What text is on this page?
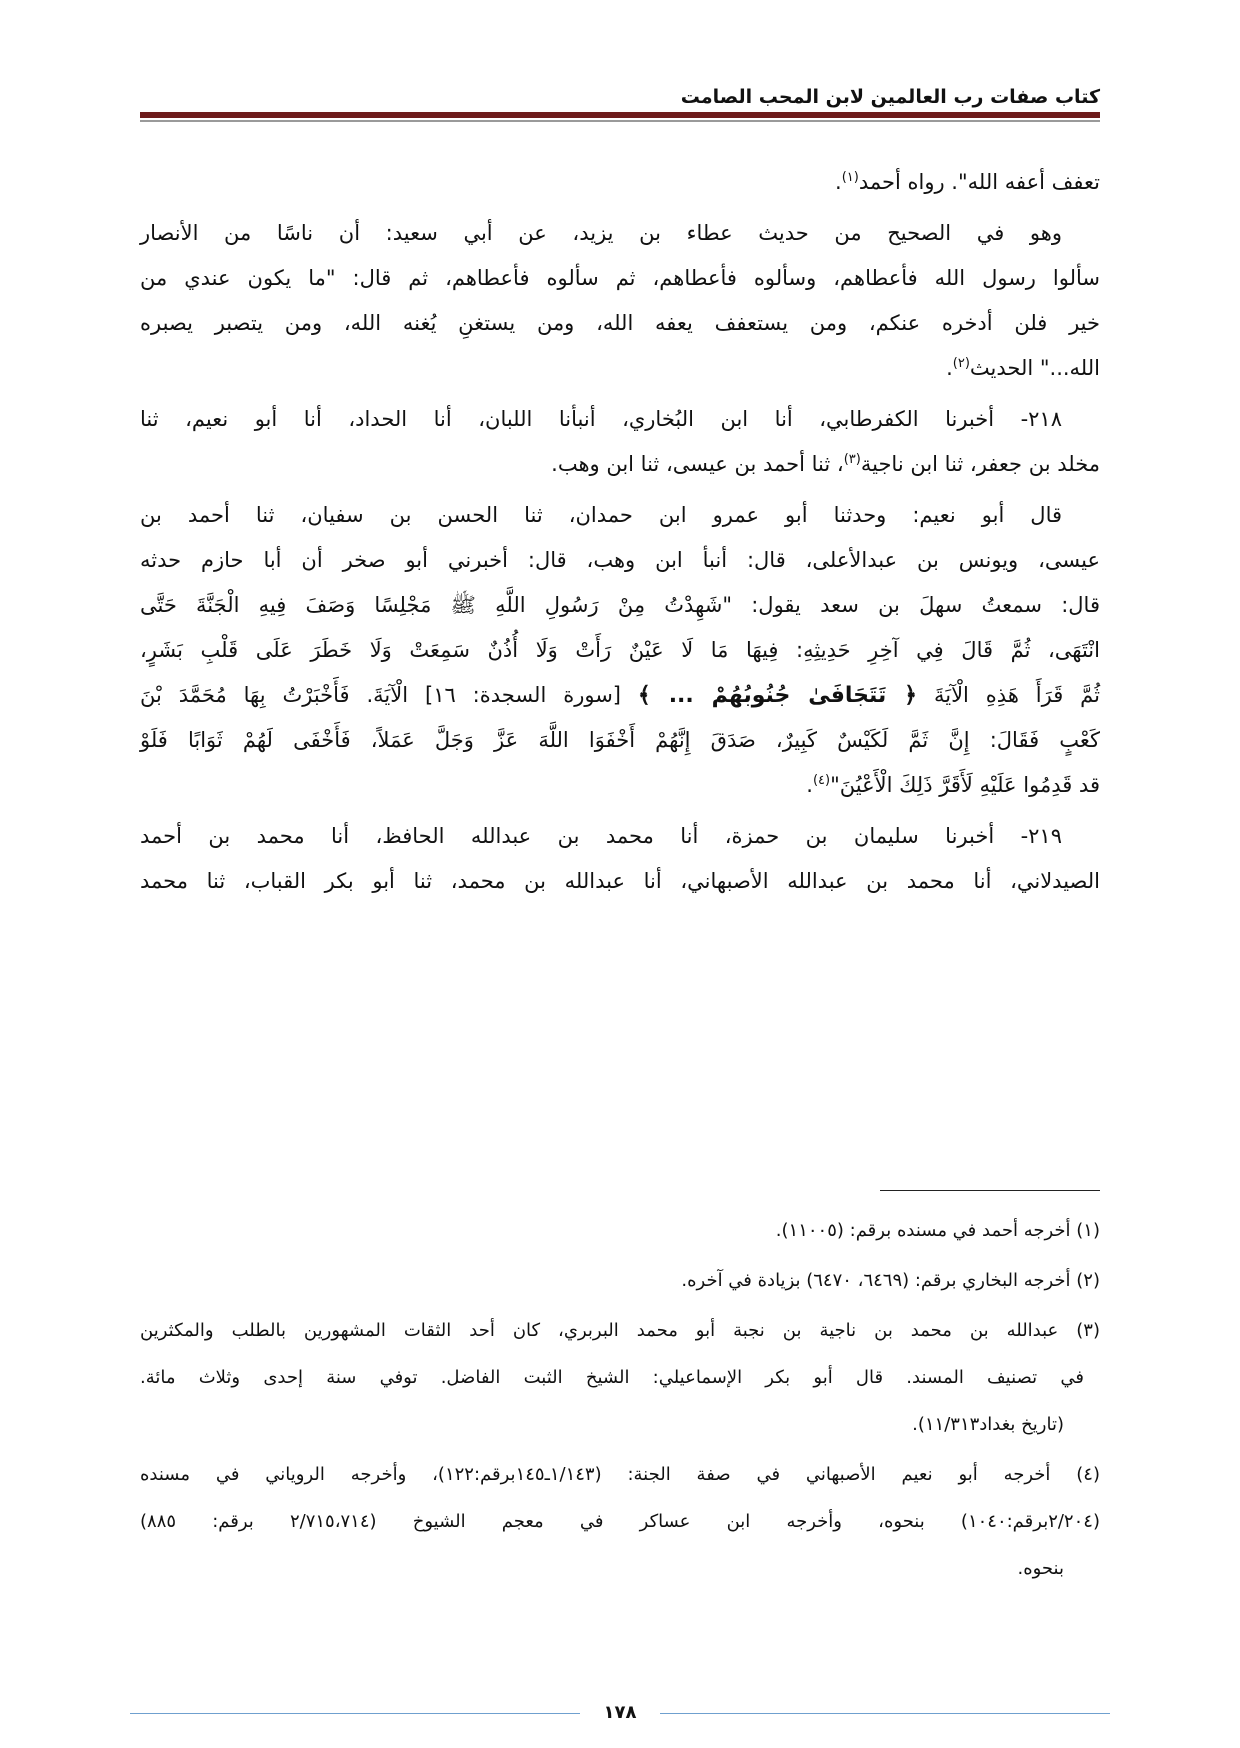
كتاب صفات رب العالمين لابن المحب الصامت
تعفف أعفه الله". رواه أحمد$^{(١)}$.
وهو في الصحيح من حديث عطاء بن يزيد، عن أبي سعيد: أن ناسًا من الأنصار
سألوا رسول الله فأعطاهم، وسألوه فأعطاهم، ثم سألوه فأعطاهم، ثم قال: "ما يكون عندي من
خير فلن أدخره عنكم، ومن يستعفف يعفه الله، ومن يستغنِ يُغنه الله، ومن يتصبر يصبره
الله..." الحديث$^{(٢)}$.
٢١٨- أخبرنا الكفرطابي، أنا ابن البُخاري، أنبأنا اللبان، أنا الحداد، أنا أبو نعيم، ثنا
مخلد بن جعفر، ثنا ابن ناجية$^{(٣)}$، ثنا أحمد بن عيسى، ثنا ابن وهب.
قال أبو نعيم: وحدثنا أبو عمرو ابن حمدان، ثنا الحسن بن سفيان، ثنا أحمد بن
عيسى، ويونس بن عبدالأعلى، قال: أنبأ ابن وهب، قال: أخبرني أبو صخر أن أبا حازم حدثه
قال: سمعتُ سهلَ بن سعد يقول: "شَهِدْتُ مِنْ رَسُولِ اللَّهِ ﷺ مَجْلِسًا وَصَفَ فِيهِ الْجَنَّةَ حَتَّى
انْتَهَى، ثُمَّ قَالَ فِي آخِرِ حَدِيثِهِ: فِيهَا مَا لَا عَيْنٌ رَأَتْ وَلَا أُذُنٌ سَمِعَتْ وَلَا خَطَرَ عَلَى قَلْبِ بَشَرٍ،
ثُمَّ قَرَأَ هَذِهِ الْآيَةَ ﴿ تَتَجَافَىٰ جُنُوبُهُمْ ... ﴾ [سورة السجدة: ١٦] الْآيَةَ. فَأَخْبَرْتُ بِهَا مُحَمَّدَ بْنَ
كَعْبٍ فَقَالَ: إِنَّ ثَمَّ لَكَيْسٌ كَبِيرٌ، صَدَقَ إِنَّهُمْ أَخْفَوَا اللَّهَ عَزَّ وَجَلَّ عَمَلاً، فَأَخْفَى لَهُمْ ثَوَابًا فَلَوْ
قد قَدِمُوا عَلَيْهِ لَأَقَرَّ ذَلِكَ الْأَعْيُنَ"$^{(٤)}$.
٢١٩- أخبرنا سليمان بن حمزة، أنا محمد بن عبدالله الحافظ، أنا محمد بن أحمد
الصيدلاني، أنا محمد بن عبدالله الأصبهاني، أنا عبدالله بن محمد، ثنا أبو بكر القباب، ثنا محمد
(١) أخرجه أحمد في مسنده برقم: (١١٠٠٥).
(٢) أخرجه البخاري برقم: (٦٤٦٩، ٦٤٧٠) بزيادة في آخره.
(٣) عبدالله بن محمد بن ناجية بن نجبة أبو محمد البربري، كان أحد الثقات المشهورين بالطلب والمكثرين
في تصنيف المسند. قال أبو بكر الإسماعيلي: الشيخ الثبت الفاضل. توفي سنة إحدى وثلاث مائة.
(تاريخ بغداد١١/٣١٣).
(٤) أخرجه أبو نعيم الأصبهاني في صفة الجنة: (١/١٤٣ـ١٤٥برقم:١٢٢)، وأخرجه الروياني في مسنده
(٢/٢٠٤برقم:١٠٤٠) بنحوه، وأخرجه ابن عساكر في معجم الشيوخ (٢/٧١٥،٧١٤ برقم: ٨٨٥)
بنحوه.
١٧٨
